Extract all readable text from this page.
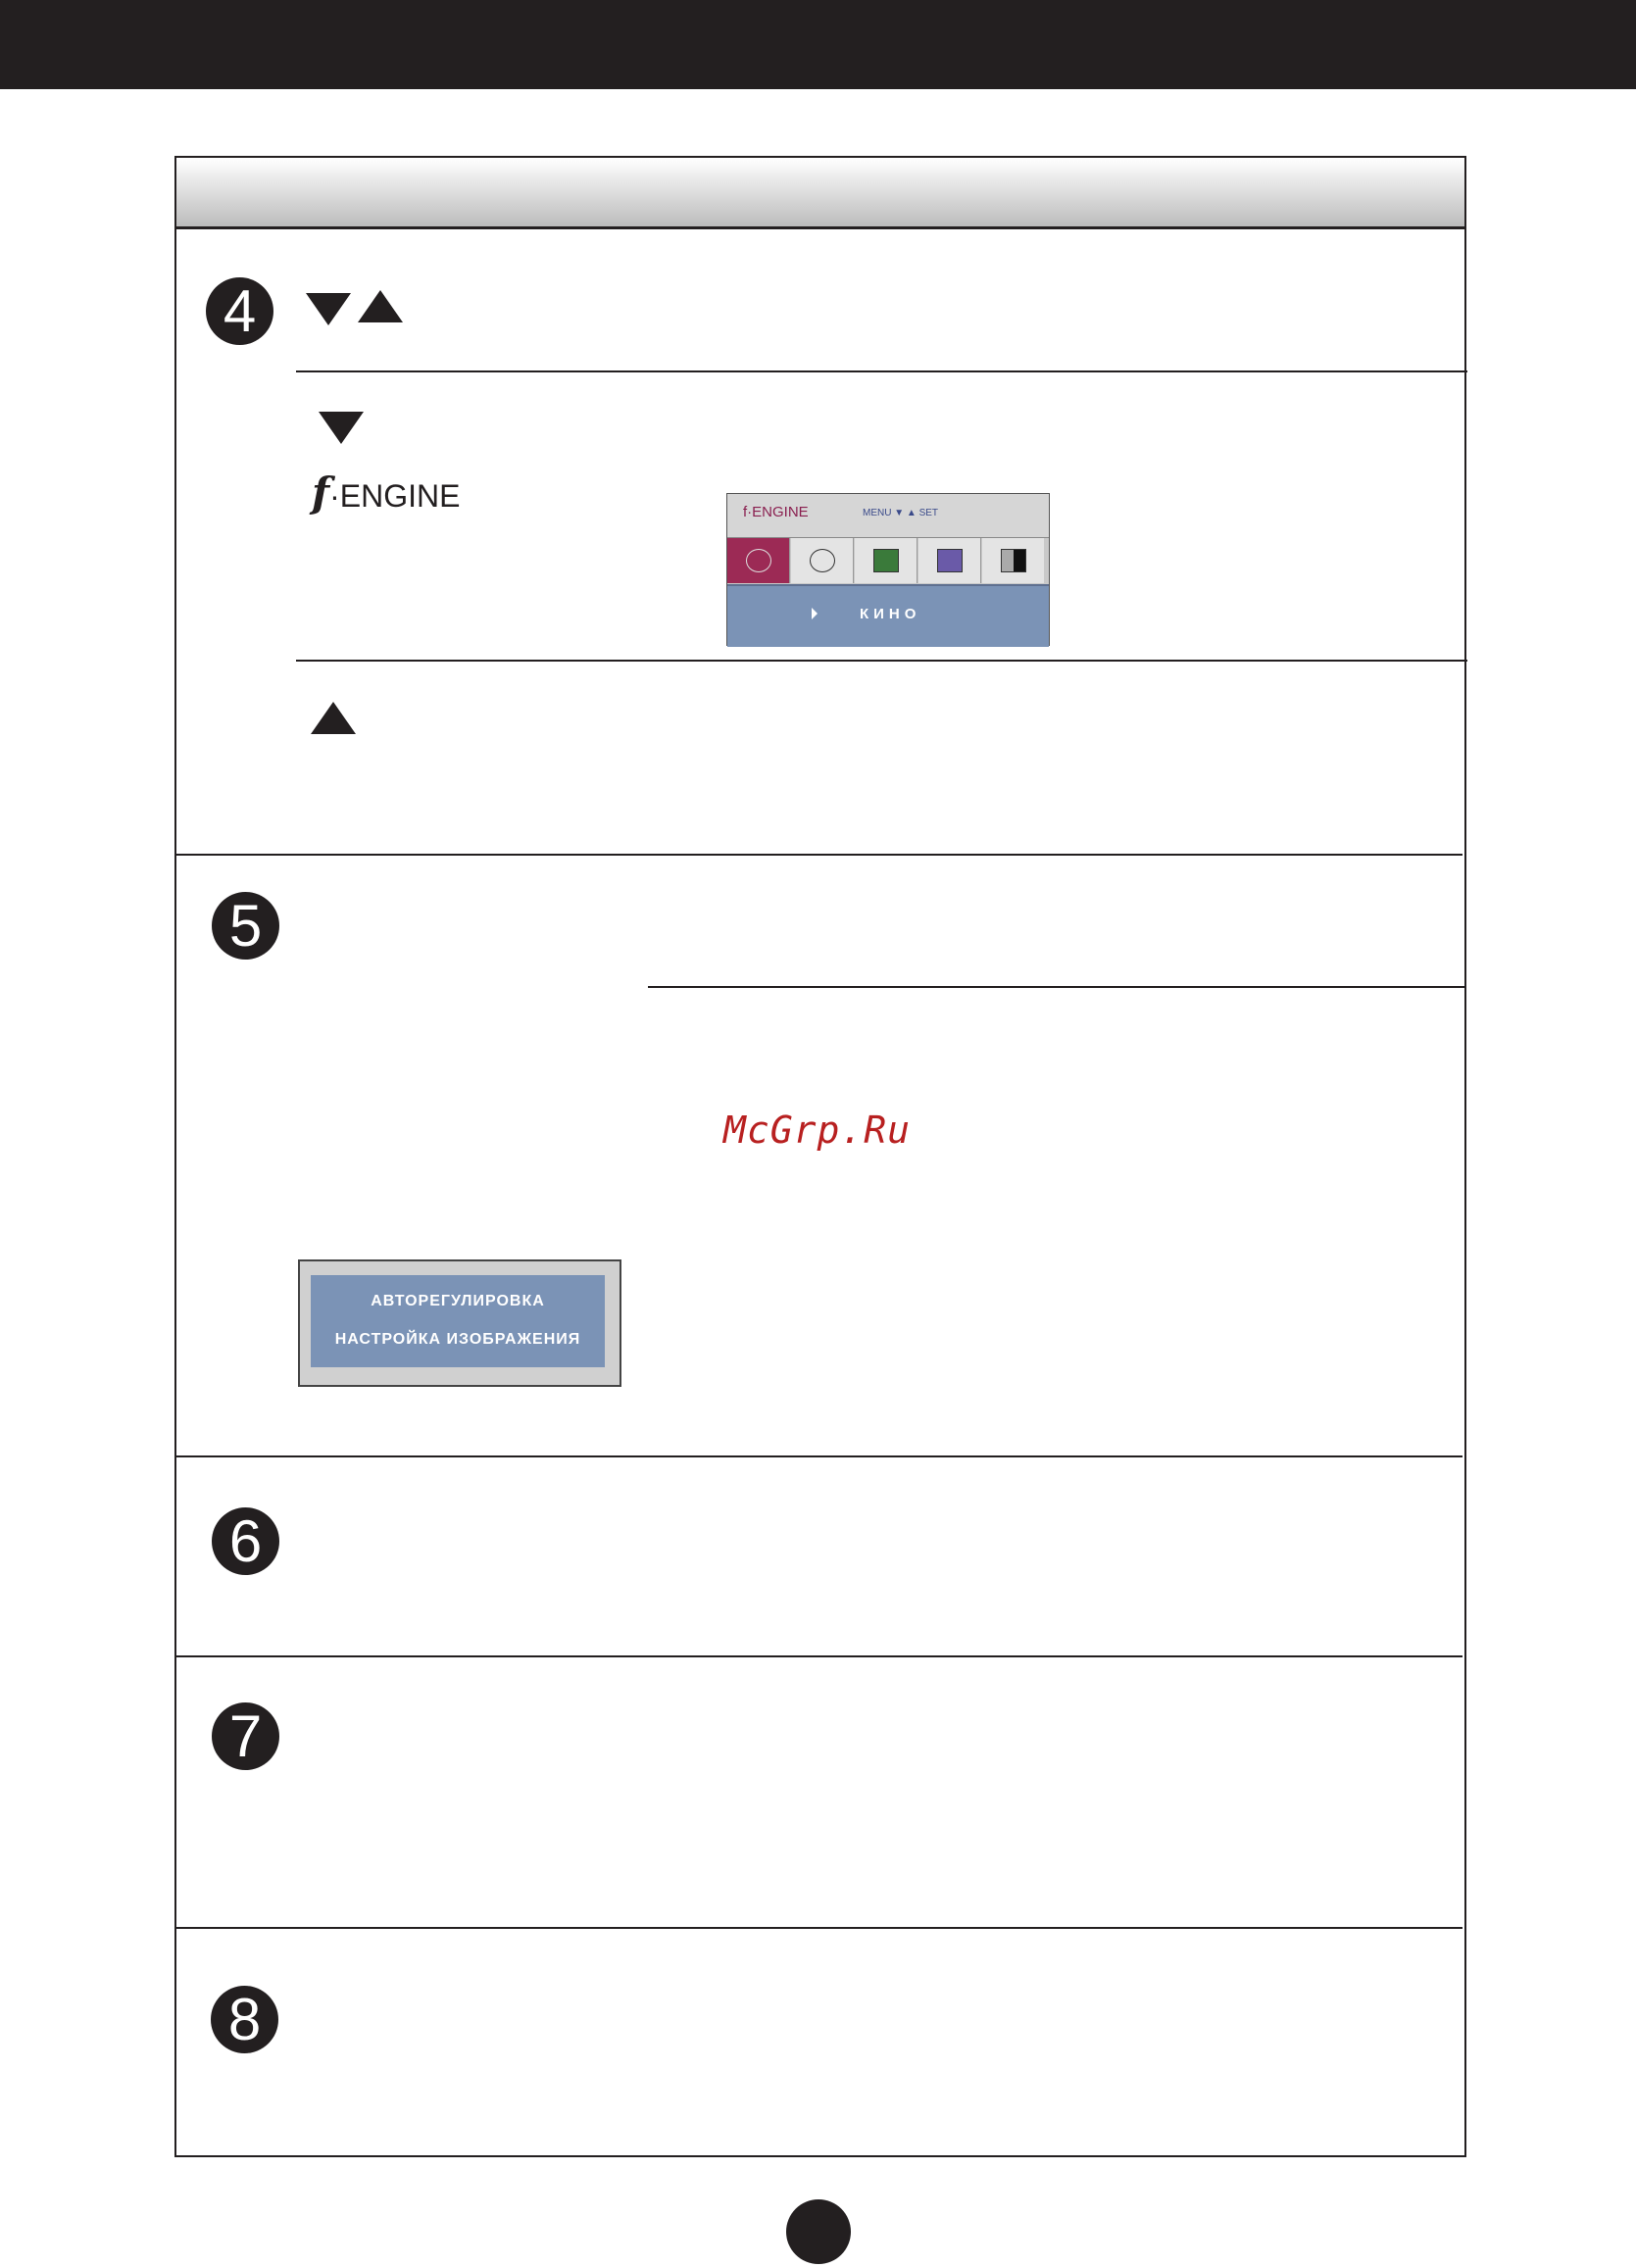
4
f·ENGINE	f·ENGINE	MENU ▼ ▲ SET
КИНО
5
McGrp.Ru
АВТОРЕГУЛИРОВКА
НАСТРОЙКА ИЗОБРАЖЕНИЯ
6
7
8
